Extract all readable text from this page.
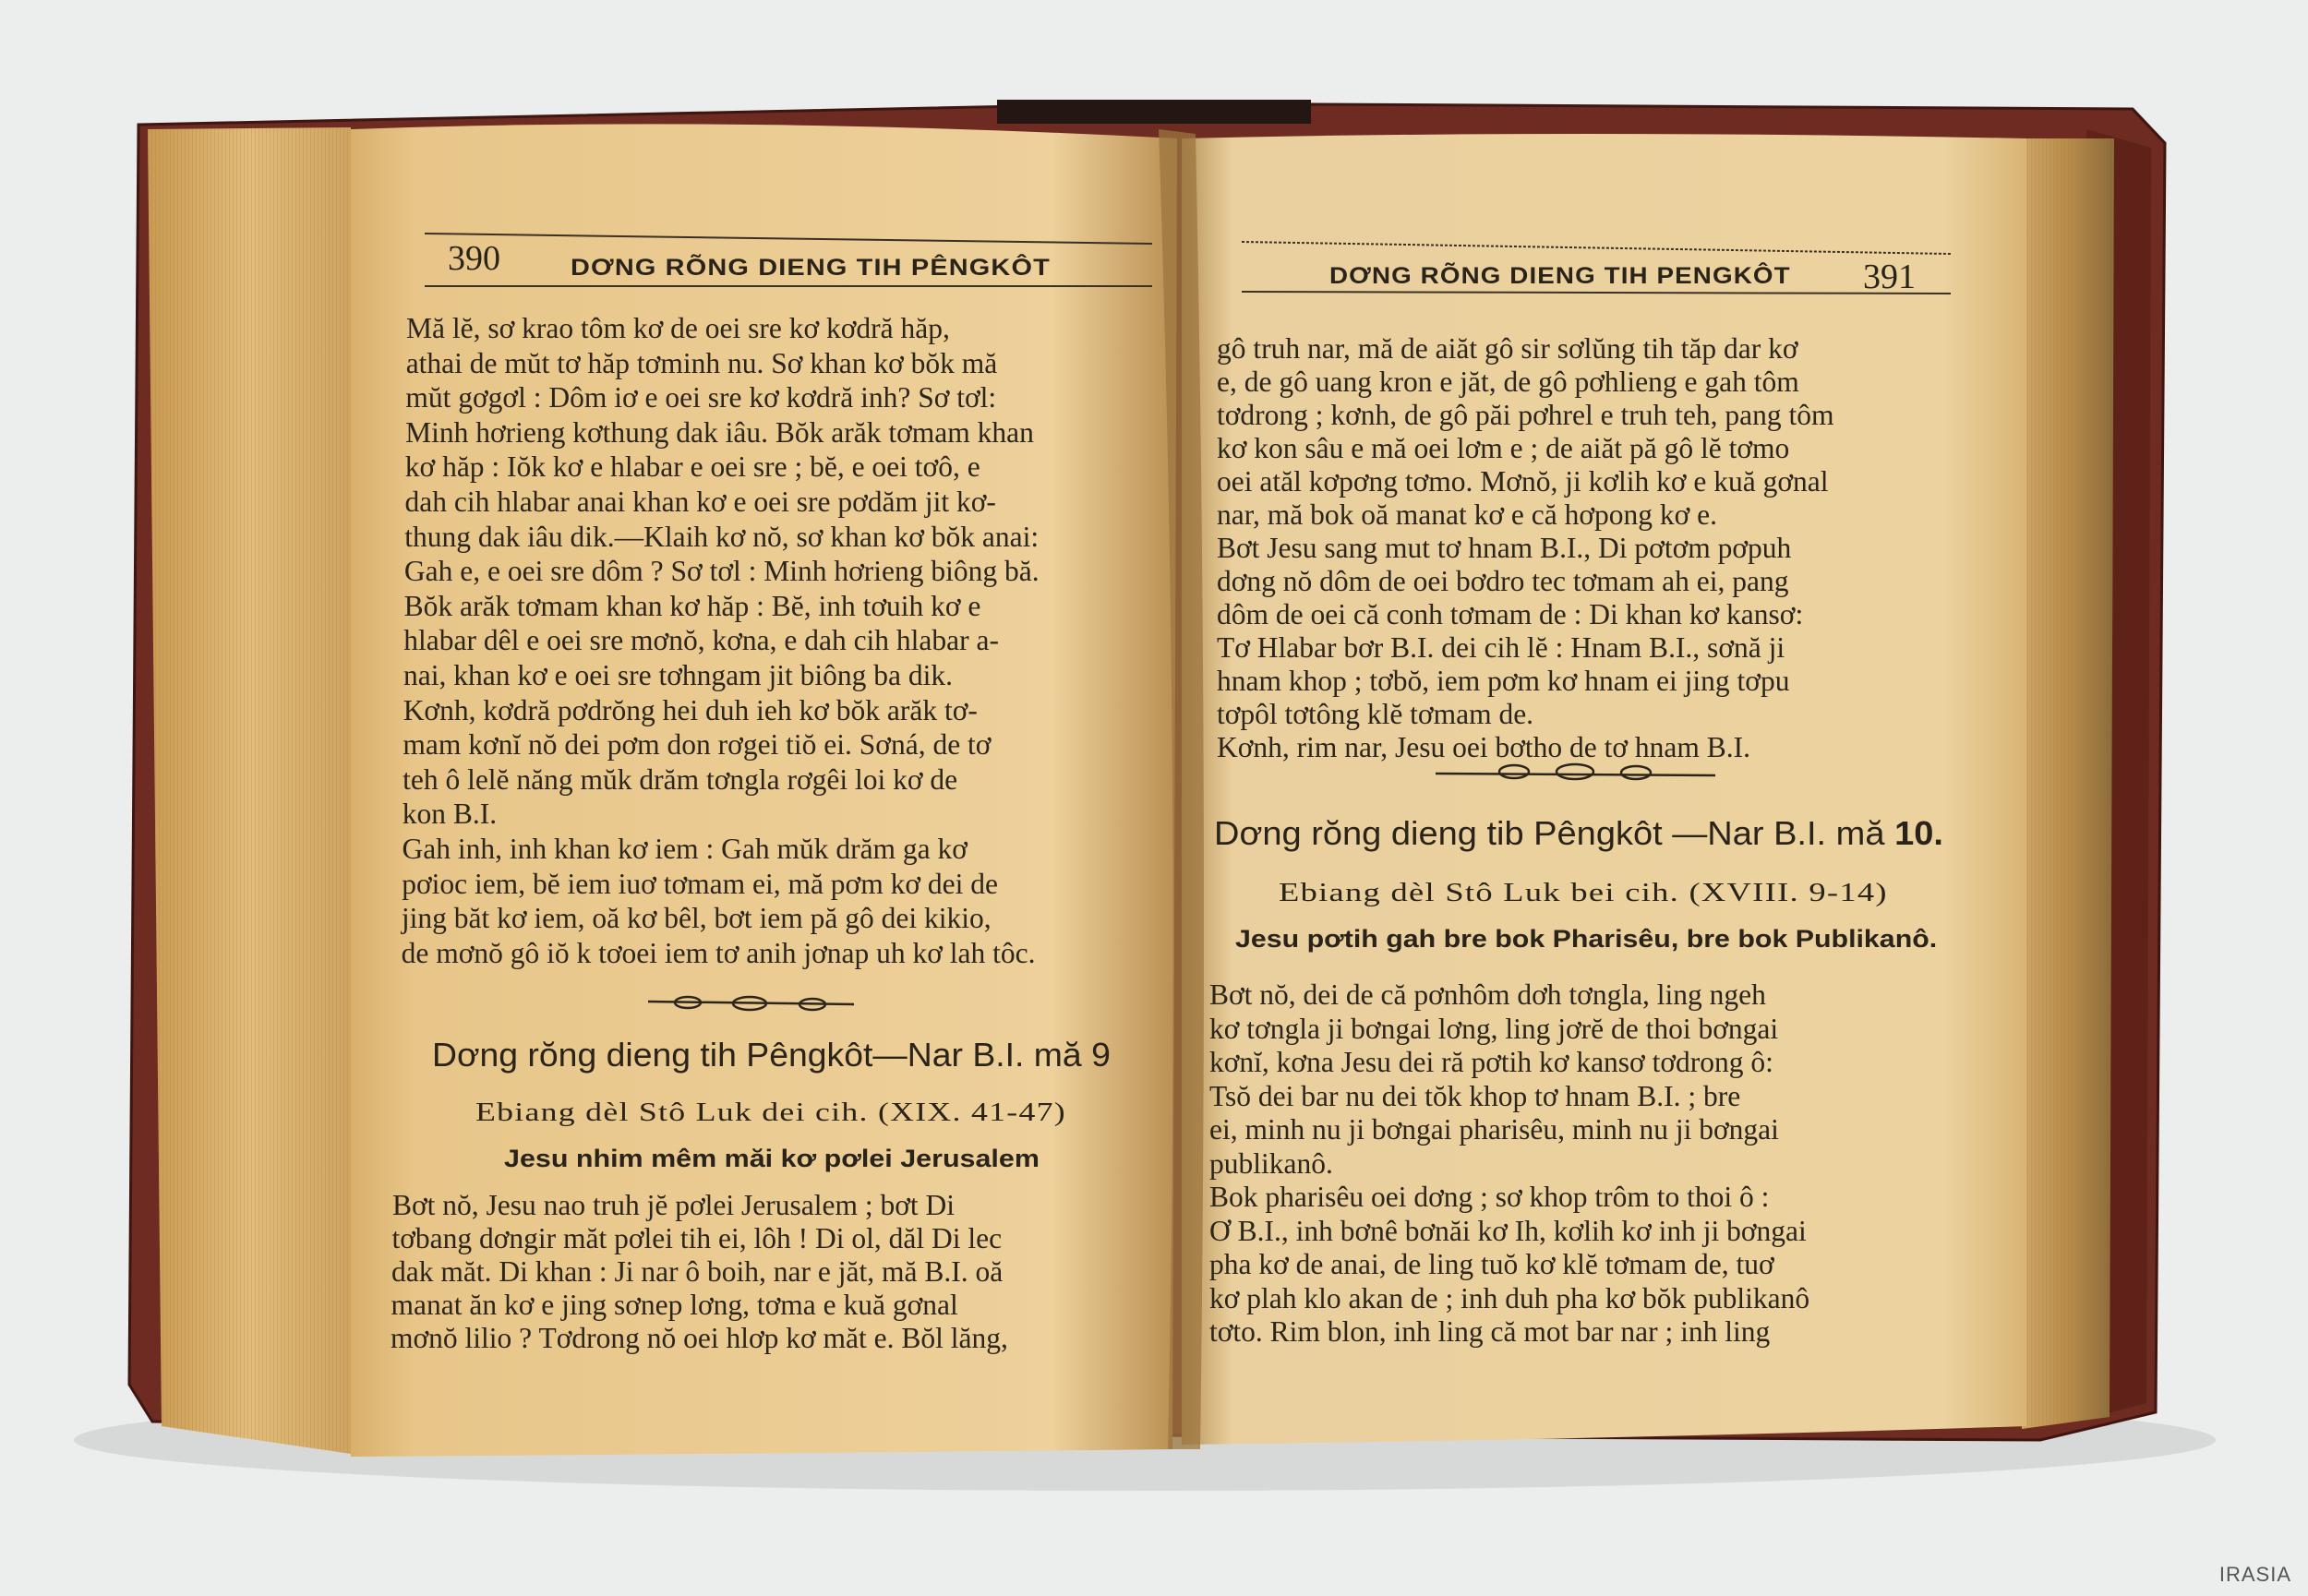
390	DƠNG RÕNG DIENG TIH PÊNGKÔT
Mă lĕ, sơ krao tôm kơ de oei sre kơ kơdră hăp,
athai de mŭt tơ hăp tơminh nu. Sơ khan kơ bŏk mă
mŭt gơgơl : Dôm iơ e oei sre kơ kơdră inh? Sơ tơl:
Minh hơrieng kơthung dak iâu. Bŏk arăk tơmam khan
kơ hăp : Iŏk kơ e hlabar e oei sre ; bĕ, e oei tơô, e
dah cih hlabar anai khan kơ e oei sre pơdăm jit kơ-
thung dak iâu dik.—Klaih kơ nŏ, sơ khan kơ bŏk anai:
Gah e, e oei sre dôm ? Sơ tơl : Minh hơrieng biông bă.
Bŏk arăk tơmam khan kơ hăp : Bĕ, inh tơuih kơ e
hlabar dêl e oei sre mơnŏ, kơna, e dah cih hlabar a-
nai, khan kơ e oei sre tơhngam jit biông ba dik.
Kơnh, kơdră pơdrŏng hei duh ieh kơ bŏk arăk tơ-
mam kơnĭ nŏ dei pơm don rơgei tiŏ ei. Sơná, de tơ
teh ô lelĕ năng mŭk drăm tơngla rơgêi loi kơ de
kon B.I.
Gah inh, inh khan kơ iem : Gah mŭk drăm ga kơ
pơioc iem, bĕ iem iuơ tơmam ei, mă pơm kơ dei de
jing băt kơ iem, oă kơ bêl, bơt iem pă gô dei kikio,
de mơnŏ gô iŏ k tơoei iem tơ anih jơnap uh kơ lah tôc.
Dơng rŏng dieng tih Pêngkôt—Nar B.I. mă 9
Ebiang dèl Stô Luk dei cih. (XIX. 41-47)
Jesu nhim mêm măi kơ pơlei Jerusalem
Bơt nŏ, Jesu nao truh jĕ pơlei Jerusalem ; bơt Di
tơbang dơngir măt pơlei tih ei, lôh ! Di ol, dăl Di lec
dak măt. Di khan : Ji nar ô boih, nar e jăt, mă B.I. oă
manat ăn kơ e jing sơnep lơng, tơma e kuă gơnal
mơnŏ lilio ? Tơdrong nŏ oei hlơp kơ măt e. Bŏl lăng,
DƠNG RÕNG DIENG TIH PENGKÔT 391
gô truh nar, mă de aiăt gô sir sơlŭng tih tăp dar kơ
e, de gô uang kron e jăt, de gô pơhlieng e gah tôm
tơdrong ; kơnh, de gô păi pơhrel e truh teh, pang tôm
kơ kon sâu e mă oei lơm e ; de aiăt pă gô lĕ tơmo
oei atăl kơpơng tơmo. Mơnŏ, ji kơlih kơ e kuă gơnal
nar, mă bok oă manat kơ e că hơpong kơ e.
Bơt Jesu sang mut tơ hnam B.I., Di pơtơm pơpuh
dơng nŏ dôm de oei bơdro tec tơmam ah ei, pang
dôm de oei că conh tơmam de : Di khan kơ kansơ:
Tơ Hlabar bơr B.I. dei cih lĕ : Hnam B.I., sơnă ji
hnam khop ; tơbŏ, iem pơm kơ hnam ei jing tơpu
tơpôl tơtông klĕ tơmam de.
Kơnh, rim nar, Jesu oei bơtho de tơ hnam B.I.
Dơng rŏng dieng tib Pêngkôt —Nar B.I. mă 10.
Ebiang dèl Stô Luk bei cih. (XVIII. 9-14)
Jesu pơtih gah bre bok Pharisêu, bre bok Publikanô.
Bơt nŏ, dei de că pơnhôm dơh tơngla, ling ngeh
kơ tơngla ji bơngai lơng, ling jơrĕ de thoi bơngai
kơnĭ, kơna Jesu dei ră pơtih kơ kansơ tơdrong ô:
Tsŏ dei bar nu dei tŏk khop tơ hnam B.I. ; bre
ei, minh nu ji bơngai pharisêu, minh nu ji bơngai
publikanô.
Bok pharisêu oei dơng ; sơ khop trôm to thoi ô :
Ơ B.I., inh bơnê bơnăi kơ Ih, kơlih kơ inh ji bơngai
pha kơ de anai, de ling tuŏ kơ klĕ tơmam de, tuơ
kơ plah klo akan de ; inh duh pha kơ bŏk publikanô
tơto. Rim blon, inh ling că mot bar nar ; inh ling
IRASIA
